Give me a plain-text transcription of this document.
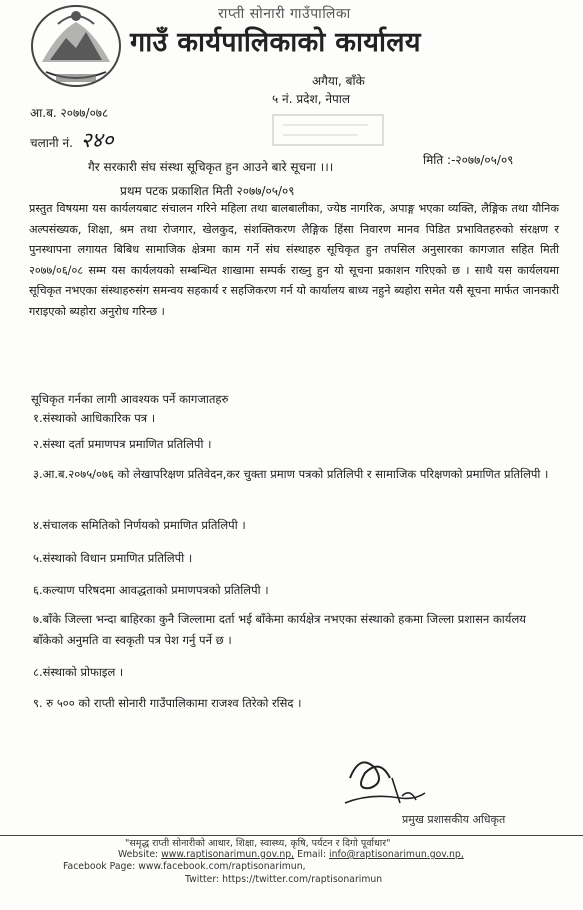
राप्ती सोनारी गाउँपालिका
गाउँ कार्यपालिकाको कार्यालय
अगैया, बाँके
५ नं. प्रदेश, नेपाल
आ.ब. २०७७/०७८
चलानी नं. २४०
मिति :-२०७७/०५/०९
गैर सरकारी संघ संस्था सूचिकृत हुन आउने बारे सूचना ।।।
प्रथम पटक प्रकाशित मिती २०७७/०५/०९
प्रस्तुत विषयमा यस कार्यलयबाट संचालन गरिने महिला तथा बालबालीका, ज्येष्ठ नागरिक, अपाङ्ग भएका व्यक्ति, लैङ्गिक तथा यौनिक अल्पसंख्यक, शिक्षा, श्रम तथा रोजगार, खेलकुद, संशक्तिकरण लैङ्गिक हिंसा निवारण मानव पिडित प्रभावितहरुको संरक्षण र पुनस्थापना लगायत बिबिध सामाजिक क्षेत्रमा काम गर्ने संघ संस्थाहरु सूचिकृत हुन तपसिल अनुसारका कागजात सहित मिती २०७७/०६/०८ सम्म यस कार्यलयको सम्बन्धित शाखामा सम्पर्क राख्नु हुन यो सूचना प्रकाशन गरिएको छ । साथै यस कार्यलयमा सूचिकृत नभएका संस्थाहरुसंग समन्वय सहकार्य र सहजिकरण गर्न यो कार्यालय बाध्य नहुने ब्यहोरा समेत यसै सूचना मार्फत जानकारी गराइएको ब्यहोरा अनुरोध गरिन्छ ।
सूचिकृत गर्नका लागी आवश्यक पर्ने कागजातहरु
१.संस्थाको आधिकारिक पत्र ।
२.संस्था दर्ता प्रमाणपत्र प्रमाणित प्रतिलिपी ।
३.आ.ब.२०७५/०७६ को लेखापरिक्षण प्रतिवेदन,कर चुक्ता प्रमाण पत्रको प्रतिलिपी र सामाजिक परिक्षणको प्रमाणित प्रतिलिपी ।
४.संचालक समितिको निर्णयको प्रमाणित प्रतिलिपी ।
५.संस्थाको विधान प्रमाणित प्रतिलिपी ।
६.कल्याण परिषदमा आवद्धताको प्रमाणपत्रको प्रतिलिपी ।
७.बाँके जिल्ला भन्दा बाहिरका कुनै जिल्लामा दर्ता भई बाँकेमा कार्यक्षेत्र नभएका संस्थाको हकमा जिल्ला प्रशासन कार्यलय बाँकेको अनुमति वा स्वकृती पत्र पेश गर्नु पर्ने छ ।
८.संस्थाको प्रोफाइल ।
९. रु ५०० को राप्ती सोनारी गाउँपालिकामा राजश्व तिरेको रसिद ।
प्रमुख प्रशासकीय अधिकृत
"समृद्ध राप्ती सोनारीको आधार, शिक्षा, स्वास्थ्य, कृषि, पर्यटन र दिगो पूर्वाधार"
Website: www.raptisonarimun.gov.np, Email: info@raptisonarimun.gov.np,
Facebook Page: www.facebook.com/raptisonarimun,
Twitter: https://twitter.com/raptisonarimun
